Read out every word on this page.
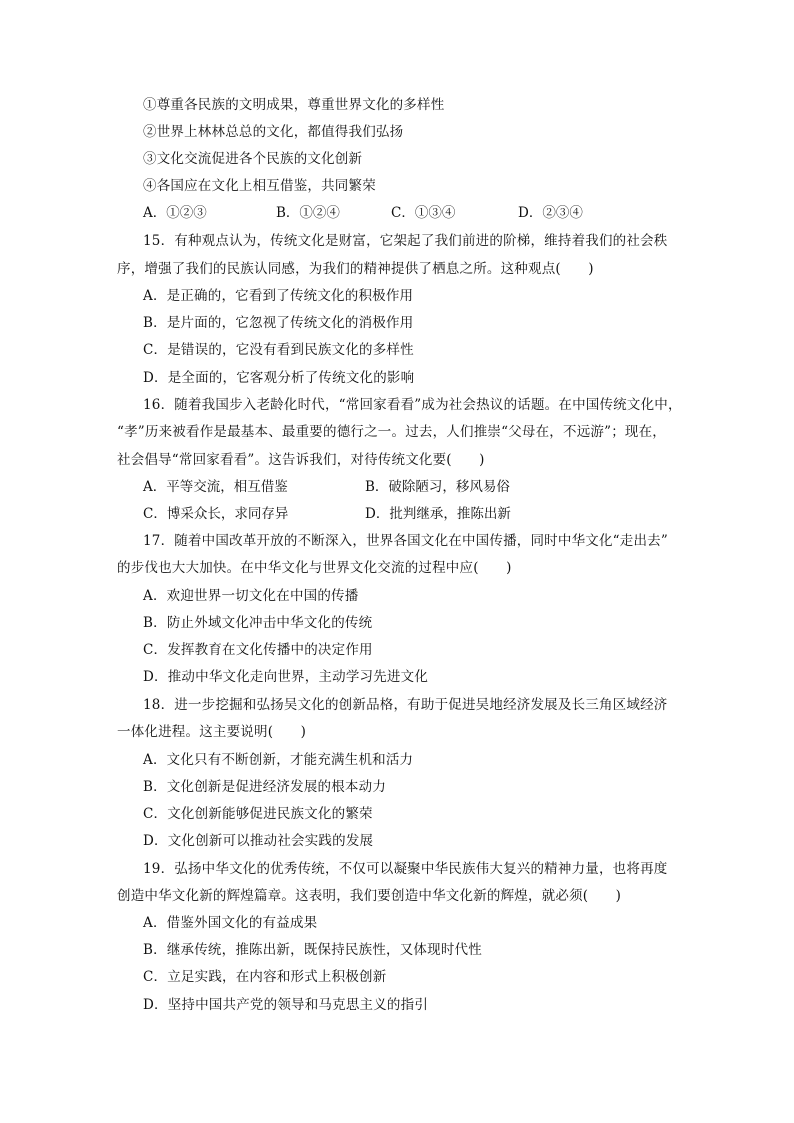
①尊重各民族的文明成果，尊重世界文化的多样性
②世界上林林总总的文化，都值得我们弘扬
③文化交流促进各个民族的文化创新
④各国应在文化上相互借鉴，共同繁荣
A．①②③	B．①②④	C．①③④	D．②③④
15．有种观点认为，传统文化是财富，它架起了我们前进的阶梯，维持着我们的社会秩
序，增强了我们的民族认同感，为我们的精神提供了栖息之所。这种观点(　　)
A．是正确的，它看到了传统文化的积极作用
B．是片面的，它忽视了传统文化的消极作用
C．是错误的，它没有看到民族文化的多样性
D．是全面的，它客观分析了传统文化的影响
16．随着我国步入老龄化时代，“常回家看看”成为社会热议的话题。在中国传统文化中，
“孝”历来被看作是最基本、最重要的德行之一。过去，人们推崇“父母在，不远游”；现在，
社会倡导“常回家看看”。这告诉我们，对待传统文化要(　　)
A．平等交流，相互借鉴	B．破除陋习，移风易俗
C．博采众长，求同存异	D．批判继承，推陈出新
17．随着中国改革开放的不断深入，世界各国文化在中国传播，同时中华文化“走出去”
的步伐也大大加快。在中华文化与世界文化交流的过程中应(　　)
A．欢迎世界一切文化在中国的传播
B．防止外域文化冲击中华文化的传统
C．发挥教育在文化传播中的决定作用
D．推动中华文化走向世界，主动学习先进文化
18．进一步挖掘和弘扬吴文化的创新品格，有助于促进吴地经济发展及长三角区域经济
一体化进程。这主要说明(　　)
A．文化只有不断创新，才能充满生机和活力
B．文化创新是促进经济发展的根本动力
C．文化创新能够促进民族文化的繁荣
D．文化创新可以推动社会实践的发展
19．弘扬中华文化的优秀传统，不仅可以凝聚中华民族伟大复兴的精神力量，也将再度
创造中华文化新的辉煌篇章。这表明，我们要创造中华文化新的辉煌，就必须(　　)
A．借鉴外国文化的有益成果
B．继承传统，推陈出新，既保持民族性，又体现时代性
C．立足实践，在内容和形式上积极创新
D．坚持中国共产党的领导和马克思主义的指引
